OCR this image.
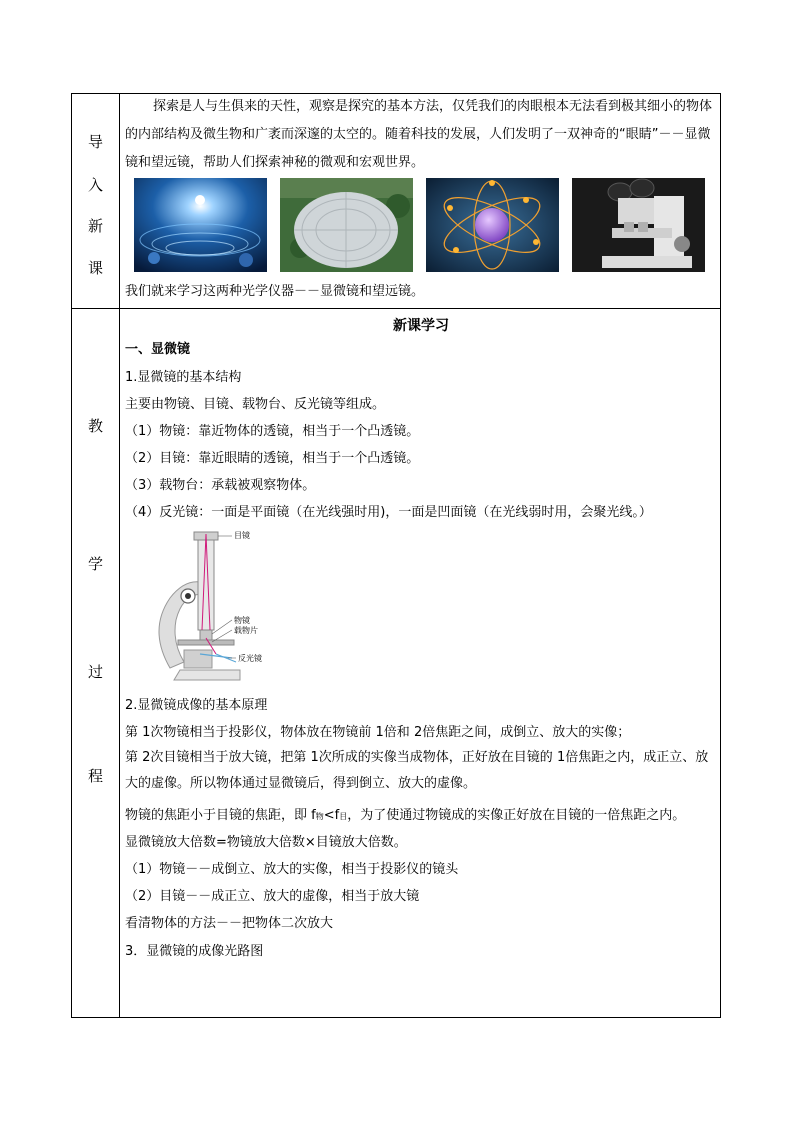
导
入
新
课
教
学
过
程
探索是人与生俱来的天性，观察是探究的基本方法，仅凭我们的肉眼根本无法看到极其细小的物体的内部结构及微生物和广袤而深邃的太空的。随着科技的发展，人们发明了一双神奇的“眼睛”－－显微镜和望远镜，帮助人们探索神秘的微观和宏观世界。
我们就来学习这两种光学仪器－－显微镜和望远镜。
新课学习
一、显微镜
1.显微镜的基本结构
主要由物镜、目镜、载物台、反光镜等组成。
（1）物镜：靠近物体的透镜，相当于一个凸透镜。
（2）目镜：靠近眼睛的透镜，相当于一个凸透镜。
（3）载物台：承载被观察物体。
（4）反光镜：一面是平面镜（在光线强时用)，一面是凹面镜（在光线弱时用，会聚光线。）
目镜
物镜
载物片
反光镜
2.显微镜成像的基本原理
第 1次物镜相当于投影仪，物体放在物镜前 1倍和 2倍焦距之间，成倒立、放大的实像；
第 2次目镜相当于放大镜，把第 1次所成的实像当成物体，正好放在目镜的 1倍焦距之内，成正立、放大的虚像。所以物体通过显微镜后，得到倒立、放大的虚像。
物镜的焦距小于目镜的焦距，即 f物<f目，为了使通过物镜成的实像正好放在目镜的一倍焦距之内。
显微镜放大倍数=物镜放大倍数×目镜放大倍数。
（1）物镜－－成倒立、放大的实像，相当于投影仪的镜头
（2）目镜－－成正立、放大的虚像，相当于放大镜
看清物体的方法－－把物体二次放大
3．显微镜的成像光路图
